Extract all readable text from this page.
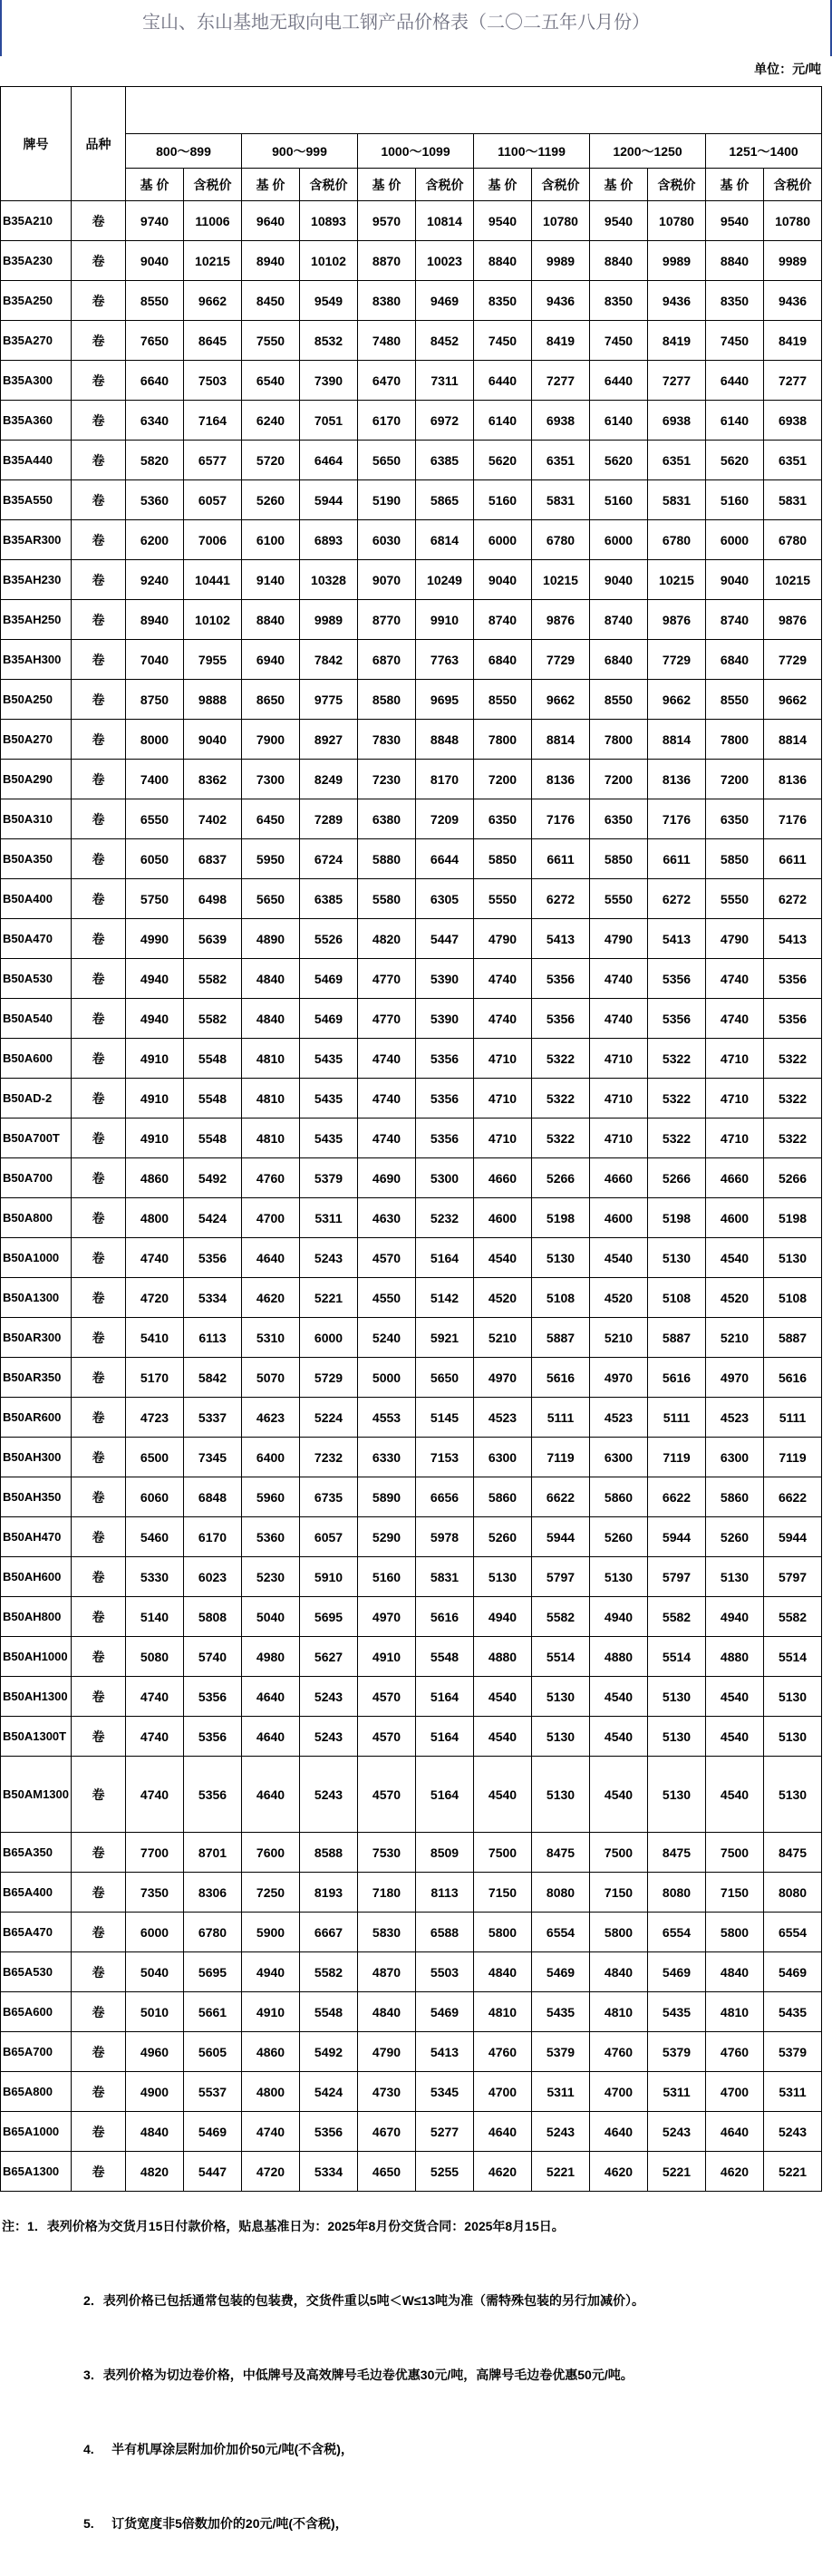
宝山、东山基地无取向电工钢产品价格表（二〇二五年八月份）
单位：元/吨
牌号	品种												
		800～899		900～999		1000～1099		1100～1199		1200～1250		1251～1400	
		基 价	含税价	基 价	含税价	基 价	含税价	基 价	含税价	基 价	含税价	基 价	含税价
B35A210	卷	9740	11006	9640	10893	9570	10814	9540	10780	9540	10780	9540	10780
B35A230	卷	9040	10215	8940	10102	8870	10023	8840	9989	8840	9989	8840	9989
B35A250	卷	8550	9662	8450	9549	8380	9469	8350	9436	8350	9436	8350	9436
B35A270	卷	7650	8645	7550	8532	7480	8452	7450	8419	7450	8419	7450	8419
B35A300	卷	6640	7503	6540	7390	6470	7311	6440	7277	6440	7277	6440	7277
B35A360	卷	6340	7164	6240	7051	6170	6972	6140	6938	6140	6938	6140	6938
B35A440	卷	5820	6577	5720	6464	5650	6385	5620	6351	5620	6351	5620	6351
B35A550	卷	5360	6057	5260	5944	5190	5865	5160	5831	5160	5831	5160	5831
B35AR300	卷	6200	7006	6100	6893	6030	6814	6000	6780	6000	6780	6000	6780
B35AH230	卷	9240	10441	9140	10328	9070	10249	9040	10215	9040	10215	9040	10215
B35AH250	卷	8940	10102	8840	9989	8770	9910	8740	9876	8740	9876	8740	9876
B35AH300	卷	7040	7955	6940	7842	6870	7763	6840	7729	6840	7729	6840	7729
B50A250	卷	8750	9888	8650	9775	8580	9695	8550	9662	8550	9662	8550	9662
B50A270	卷	8000	9040	7900	8927	7830	8848	7800	8814	7800	8814	7800	8814
B50A290	卷	7400	8362	7300	8249	7230	8170	7200	8136	7200	8136	7200	8136
B50A310	卷	6550	7402	6450	7289	6380	7209	6350	7176	6350	7176	6350	7176
B50A350	卷	6050	6837	5950	6724	5880	6644	5850	6611	5850	6611	5850	6611
B50A400	卷	5750	6498	5650	6385	5580	6305	5550	6272	5550	6272	5550	6272
B50A470	卷	4990	5639	4890	5526	4820	5447	4790	5413	4790	5413	4790	5413
B50A530	卷	4940	5582	4840	5469	4770	5390	4740	5356	4740	5356	4740	5356
B50A540	卷	4940	5582	4840	5469	4770	5390	4740	5356	4740	5356	4740	5356
B50A600	卷	4910	5548	4810	5435	4740	5356	4710	5322	4710	5322	4710	5322
B50AD-2	卷	4910	5548	4810	5435	4740	5356	4710	5322	4710	5322	4710	5322
B50A700T	卷	4910	5548	4810	5435	4740	5356	4710	5322	4710	5322	4710	5322
B50A700	卷	4860	5492	4760	5379	4690	5300	4660	5266	4660	5266	4660	5266
B50A800	卷	4800	5424	4700	5311	4630	5232	4600	5198	4600	5198	4600	5198
B50A1000	卷	4740	5356	4640	5243	4570	5164	4540	5130	4540	5130	4540	5130
B50A1300	卷	4720	5334	4620	5221	4550	5142	4520	5108	4520	5108	4520	5108
B50AR300	卷	5410	6113	5310	6000	5240	5921	5210	5887	5210	5887	5210	5887
B50AR350	卷	5170	5842	5070	5729	5000	5650	4970	5616	4970	5616	4970	5616
B50AR600	卷	4723	5337	4623	5224	4553	5145	4523	5111	4523	5111	4523	5111
B50AH300	卷	6500	7345	6400	7232	6330	7153	6300	7119	6300	7119	6300	7119
B50AH350	卷	6060	6848	5960	6735	5890	6656	5860	6622	5860	6622	5860	6622
B50AH470	卷	5460	6170	5360	6057	5290	5978	5260	5944	5260	5944	5260	5944
B50AH600	卷	5330	6023	5230	5910	5160	5831	5130	5797	5130	5797	5130	5797
B50AH800	卷	5140	5808	5040	5695	4970	5616	4940	5582	4940	5582	4940	5582
B50AH1000	卷	5080	5740	4980	5627	4910	5548	4880	5514	4880	5514	4880	5514
B50AH1300	卷	4740	5356	4640	5243	4570	5164	4540	5130	4540	5130	4540	5130
B50A1300T	卷	4740	5356	4640	5243	4570	5164	4540	5130	4540	5130	4540	5130
B50AM1300	卷	4740	5356	4640	5243	4570	5164	4540	5130	4540	5130	4540	5130
B65A350	卷	7700	8701	7600	8588	7530	8509	7500	8475	7500	8475	7500	8475
B65A400	卷	7350	8306	7250	8193	7180	8113	7150	8080	7150	8080	7150	8080
B65A470	卷	6000	6780	5900	6667	5830	6588	5800	6554	5800	6554	5800	6554
B65A530	卷	5040	5695	4940	5582	4870	5503	4840	5469	4840	5469	4840	5469
B65A600	卷	5010	5661	4910	5548	4840	5469	4810	5435	4810	5435	4810	5435
B65A700	卷	4960	5605	4860	5492	4790	5413	4760	5379	4760	5379	4760	5379
B65A800	卷	4900	5537	4800	5424	4730	5345	4700	5311	4700	5311	4700	5311
B65A1000	卷	4840	5469	4740	5356	4670	5277	4640	5243	4640	5243	4640	5243
B65A1300	卷	4820	5447	4720	5334	4650	5255	4620	5221	4620	5221	4620	5221
注：1．表列价格为交货月15日付款价格，贴息基准日为：2025年8月份交货合同：2025年8月15日。
2．表列价格已包括通常包装的包装费，交货件重以5吨＜W≤13吨为准（需特殊包装的另行加减价）。
3．表列价格为切边卷价格，中低牌号及高效牌号毛边卷优惠30元/吨，高牌号毛边卷优惠50元/吨。
4.     半有机厚涂层附加价加价50元/吨(不含税)，
5.     订货宽度非5倍数加价的20元/吨(不含税)，
